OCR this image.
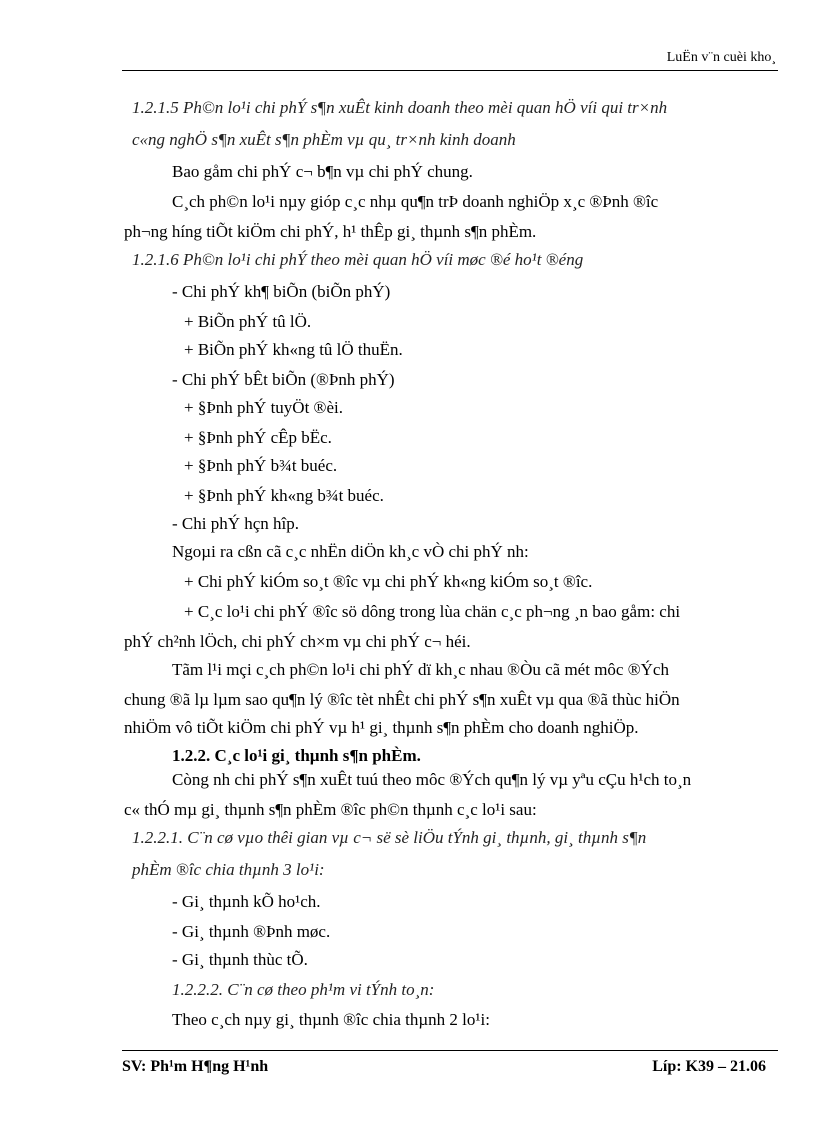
LuËn v¨n cuèi kho¸
1.2.1.5 Ph©n lo¹i chi phÝ s¶n xuÊt kinh doanh theo mèi quan hÖ víi qui tr×nh
c«ng nghÖ s¶n xuÊt s¶n phÈm vµ qu¸ tr×nh kinh doanh
Bao gåm chi phÝ c¬ b¶n vµ chi phÝ chung.
C¸ch ph©n lo¹i nµy gióp c¸c nhµ qu¶n trÞ doanh nghiÖp x¸c ®Þnh ®îc
ph¬ng híng tiÕt kiÖm chi phÝ, h¹ thÊp gi¸ thµnh s¶n phÈm.
1.2.1.6 Ph©n lo¹i chi phÝ theo mèi quan hÖ víi møc ®é ho¹t ®éng
- Chi phÝ kh¶ biÕn (biÕn phÝ)
+ BiÕn phÝ tû lÖ.
+ BiÕn phÝ kh«ng tû lÖ thuËn.
- Chi phÝ bÊt biÕn (®Þnh phÝ)
+ §Þnh phÝ tuyÖt ®èi.
+ §Þnh phÝ cÊp bËc.
+ §Þnh phÝ b¾t buéc.
+ §Þnh phÝ kh«ng b¾t buéc.
- Chi phÝ hçn hîp.
Ngoµi ra cßn cã c¸c nhËn diÖn kh¸c vÒ chi phÝ nh:
+ Chi phÝ kiÓm so¸t ®îc vµ chi phÝ kh«ng kiÓm so¸t ®îc.
+ C¸c lo¹i chi phÝ ®îc sö dông trong lùa chän c¸c ph¬ng ¸n bao gåm: chi
phÝ ch²nh lÖch, chi phÝ ch×m vµ chi phÝ c¬ héi.
Tãm l¹i mçi c¸ch ph©n lo¹i chi phÝ dï kh¸c nhau ®Òu cã mét môc ®Ých
chung ®ã lµ lµm sao qu¶n lý ®îc tèt nhÊt chi phÝ s¶n xuÊt vµ qua ®ã thùc hiÖn
nhiÖm vô tiÕt kiÖm chi phÝ vµ h¹ gi¸ thµnh s¶n phÈm cho doanh nghiÖp.
1.2.2. C¸c lo¹i gi¸ thµnh s¶n phÈm.
Còng nh chi phÝ s¶n xuÊt tuú theo môc ®Ých qu¶n lý vµ yªu cÇu h¹ch to¸n
c« thÓ mµ gi¸ thµnh s¶n phÈm ®îc ph©n thµnh c¸c lo¹i sau:
1.2.2.1. C¨n cø vµo thêi gian vµ c¬ së sè liÖu tÝnh gi¸ thµnh, gi¸ thµnh s¶n
phÈm ®îc chia thµnh 3 lo¹i:
- Gi¸ thµnh kÕ ho¹ch.
- Gi¸ thµnh ®Þnh møc.
- Gi¸ thµnh thùc tÕ.
1.2.2.2. C¨n cø theo ph¹m vi tÝnh to¸n:
Theo c¸ch nµy gi¸ thµnh ®îc chia thµnh 2 lo¹i:
SV: Ph¹m H¶ng H¹nh	Líp: K39 – 21.06
